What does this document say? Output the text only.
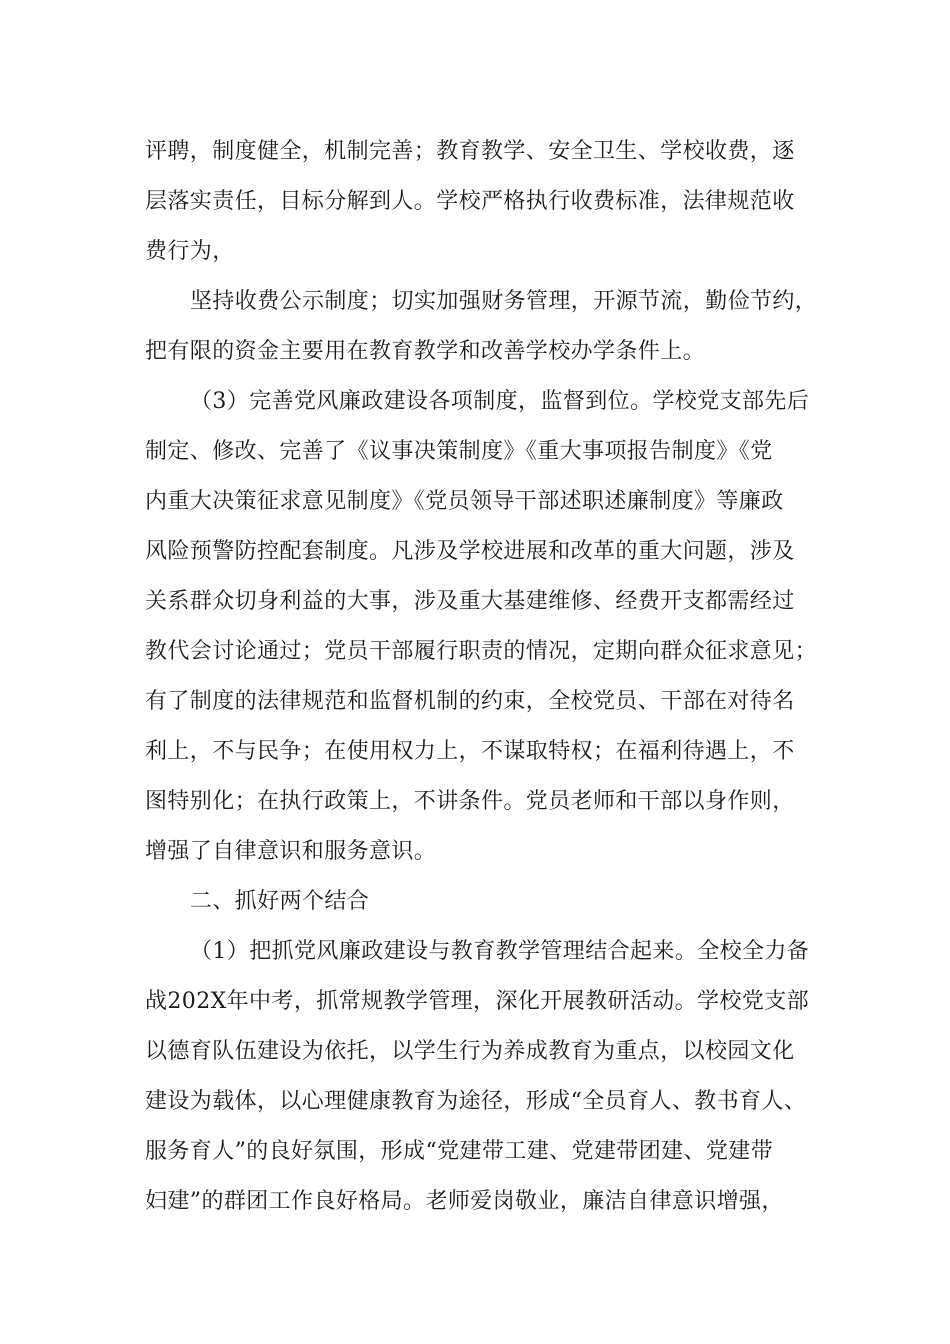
评聘，制度健全，机制完善；教育教学、安全卫生、学校收费，逐
层落实责任，目标分解到人。学校严格执行收费标准，法律规范收
费行为，
坚持收费公示制度；切实加强财务管理，开源节流，勤俭节约，
把有限的资金主要用在教育教学和改善学校办学条件上。
（3）完善党风廉政建设各项制度，监督到位。学校党支部先后
制定、修改、完善了《议事决策制度》《重大事项报告制度》《党
内重大决策征求意见制度》《党员领导干部述职述廉制度》等廉政
风险预警防控配套制度。凡涉及学校进展和改革的重大问题，涉及
关系群众切身利益的大事，涉及重大基建维修、经费开支都需经过
教代会讨论通过；党员干部履行职责的情况，定期向群众征求意见；
有了制度的法律规范和监督机制的约束，全校党员、干部在对待名
利上，不与民争；在使用权力上，不谋取特权；在福利待遇上，不
图特别化；在执行政策上，不讲条件。党员老师和干部以身作则，
增强了自律意识和服务意识。
二、抓好两个结合
（1）把抓党风廉政建设与教育教学管理结合起来。全校全力备
战202X年中考，抓常规教学管理，深化开展教研活动。学校党支部
以德育队伍建设为依托，以学生行为养成教育为重点，以校园文化
建设为载体，以心理健康教育为途径，形成“全员育人、教书育人、
服务育人”的良好氛围，形成“党建带工建、党建带团建、党建带
妇建”的群团工作良好格局。老师爱岗敬业，廉洁自律意识增强，
